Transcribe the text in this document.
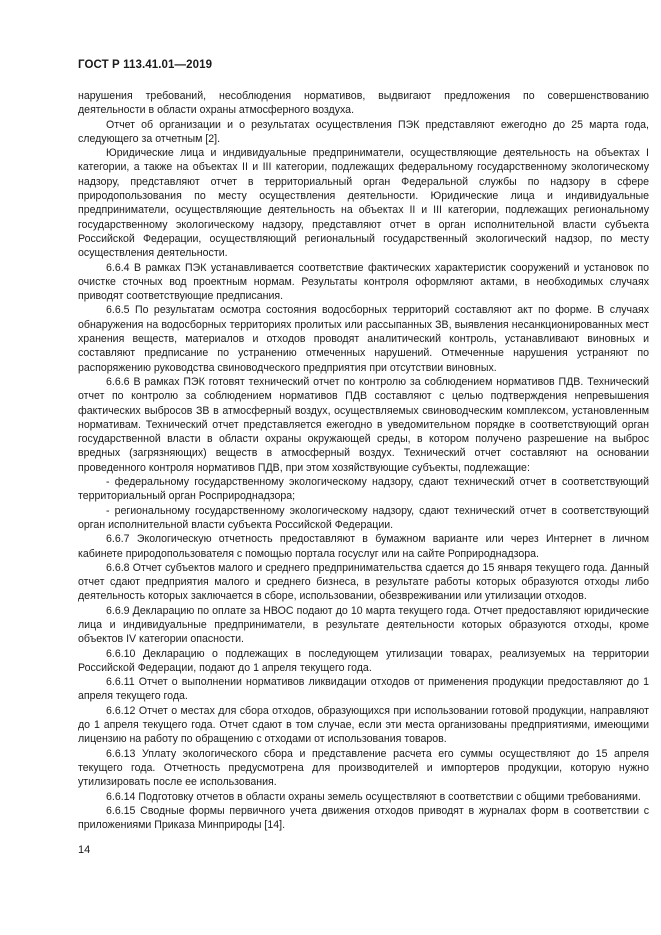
ГОСТ Р 113.41.01—2019

нарушения требований, несоблюдения нормативов, выдвигают предложения по совершенствованию деятельности в области охраны атмосферного воздуха.

Отчет об организации и о результатах осуществления ПЭК представляют ежегодно до 25 марта года, следующего за отчетным [2].

Юридические лица и индивидуальные предприниматели, осуществляющие деятельность на объектах I категории, а также на объектах II и III категории, подлежащих федеральному государственному экологическому надзору, представляют отчет в территориальный орган Федеральной службы по надзору в сфере природопользования по месту осуществления деятельности. Юридические лица и индивидуальные предприниматели, осуществляющие деятельность на объектах II и III категории, подлежащих региональному государственному экологическому надзору, представляют отчет в орган исполнительной власти субъекта Российской Федерации, осуществляющий региональный государственный экологический надзор, по месту осуществления деятельности.

6.6.4 В рамках ПЭК устанавливается соответствие фактических характеристик сооружений и установок по очистке сточных вод проектным нормам. Результаты контроля оформляют актами, в необходимых случаях приводят соответствующие предписания.

6.6.5 По результатам осмотра состояния водосборных территорий составляют акт по форме. В случаях обнаружения на водосборных территориях пролитых или рассыпанных ЗВ, выявления несанкционированных мест хранения веществ, материалов и отходов проводят аналитический контроль, устанавливают виновных и составляют предписание по устранению отмеченных нарушений. Отмеченные нарушения устраняют по распоряжению руководства свиноводческого предприятия при отсутствии виновных.

6.6.6 В рамках ПЭК готовят технический отчет по контролю за соблюдением нормативов ПДВ. Технический отчет по контролю за соблюдением нормативов ПДВ составляют с целью подтверждения непревышения фактических выбросов ЗВ в атмосферный воздух, осуществляемых свиноводческим комплексом, установленным нормативам. Технический отчет представляется ежегодно в уведомительном порядке в соответствующий орган государственной власти в области охраны окружающей среды, в котором получено разрешение на выброс вредных (загрязняющих) веществ в атмосферный воздух. Технический отчет составляют на основании проведенного контроля нормативов ПДВ, при этом хозяйствующие субъекты, подлежащие:

- федеральному государственному экологическому надзору, сдают технический отчет в соответствующий территориальный орган Росприроднадзора;

- региональному государственному экологическому надзору, сдают технический отчет в соответствующий орган исполнительной власти субъекта Российской Федерации.

6.6.7 Экологическую отчетность предоставляют в бумажном варианте или через Интернет в личном кабинете природопользователя с помощью портала госуслуг или на сайте Роприроднадзора.

6.6.8 Отчет субъектов малого и среднего предпринимательства сдается до 15 января текущего года. Данный отчет сдают предприятия малого и среднего бизнеса, в результате работы которых образуются отходы либо деятельность которых заключается в сборе, использовании, обезвреживании или утилизации отходов.

6.6.9 Декларацию по оплате за НВОС подают до 10 марта текущего года. Отчет предоставляют юридические лица и индивидуальные предприниматели, в результате деятельности которых образуются отходы, кроме объектов IV категории опасности.

6.6.10 Декларацию о подлежащих в последующем утилизации товарах, реализуемых на территории Российской Федерации, подают до 1 апреля текущего года.

6.6.11 Отчет о выполнении нормативов ликвидации отходов от применения продукции предоставляют до 1 апреля текущего года.

6.6.12 Отчет о местах для сбора отходов, образующихся при использовании готовой продукции, направляют до 1 апреля текущего года. Отчет сдают в том случае, если эти места организованы предприятиями, имеющими лицензию на работу по обращению с отходами от использования товаров.

6.6.13 Уплату экологического сбора и представление расчета его суммы осуществляют до 15 апреля текущего года. Отчетность предусмотрена для производителей и импортеров продукции, которую нужно утилизировать после ее использования.

6.6.14 Подготовку отчетов в области охраны земель осуществляют в соответствии с общими требованиями.

6.6.15 Сводные формы первичного учета движения отходов приводят в журналах форм в соответствии с приложениями Приказа Минприроды [14].

14
